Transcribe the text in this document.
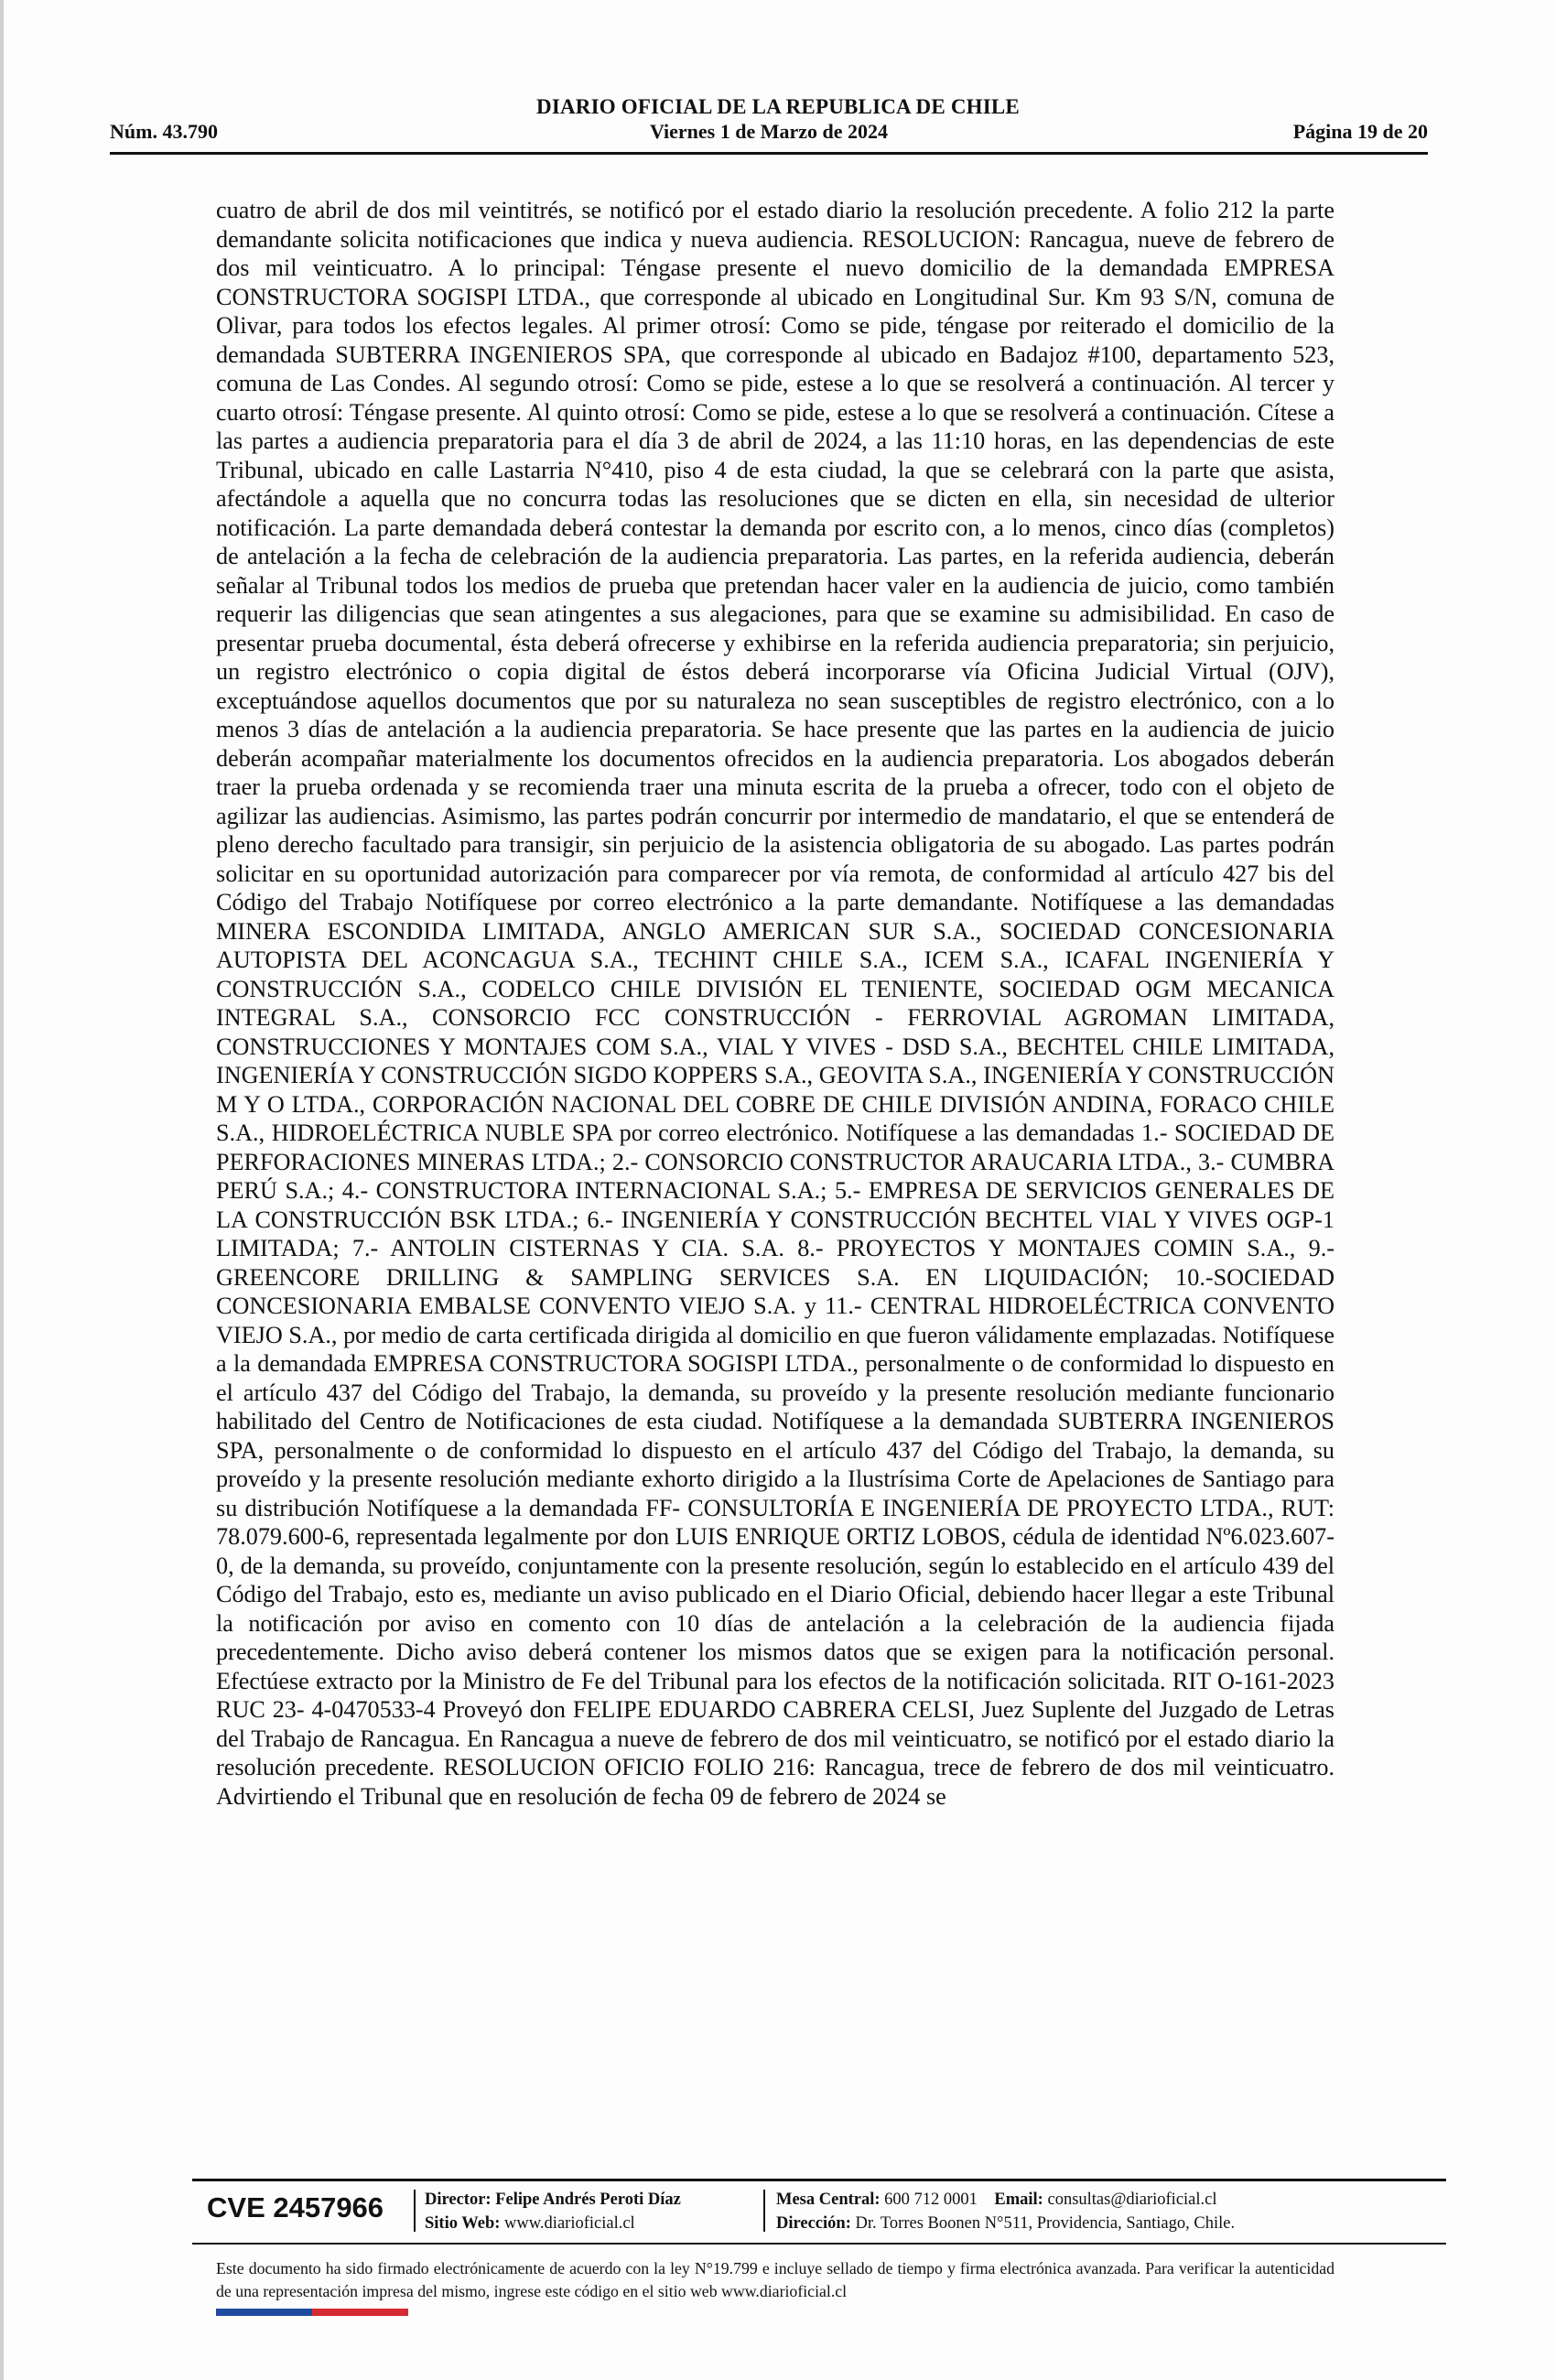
DIARIO OFICIAL DE LA REPUBLICA DE CHILE
Viernes 1 de Marzo de 2024
Núm. 43.790	Página 19 de 20

cuatro de abril de dos mil veintitrés, se notificó por el estado diario la resolución precedente. A folio 212 la parte demandante solicita notificaciones que indica y nueva audiencia. RESOLUCION: Rancagua, nueve de febrero de dos mil veinticuatro. A lo principal: Téngase presente el nuevo domicilio de la demandada EMPRESA CONSTRUCTORA SOGISPI LTDA., que corresponde al ubicado en Longitudinal Sur. Km 93 S/N, comuna de Olivar, para todos los efectos legales. Al primer otrosí: Como se pide, téngase por reiterado el domicilio de la demandada SUBTERRA INGENIEROS SPA, que corresponde al ubicado en Badajoz #100, departamento 523, comuna de Las Condes. Al segundo otrosí: Como se pide, estese a lo que se resolverá a continuación. Al tercer y cuarto otrosí: Téngase presente. Al quinto otrosí: Como se pide, estese a lo que se resolverá a continuación. Cítese a las partes a audiencia preparatoria para el día 3 de abril de 2024, a las 11:10 horas, en las dependencias de este Tribunal, ubicado en calle Lastarria N°410, piso 4 de esta ciudad, la que se celebrará con la parte que asista, afectándole a aquella que no concurra todas las resoluciones que se dicten en ella, sin necesidad de ulterior notificación. La parte demandada deberá contestar la demanda por escrito con, a lo menos, cinco días (completos) de antelación a la fecha de celebración de la audiencia preparatoria. Las partes, en la referida audiencia, deberán señalar al Tribunal todos los medios de prueba que pretendan hacer valer en la audiencia de juicio, como también requerir las diligencias que sean atingentes a sus alegaciones, para que se examine su admisibilidad. En caso de presentar prueba documental, ésta deberá ofrecerse y exhibirse en la referida audiencia preparatoria; sin perjuicio, un registro electrónico o copia digital de éstos deberá incorporarse vía Oficina Judicial Virtual (OJV), exceptuándose aquellos documentos que por su naturaleza no sean susceptibles de registro electrónico, con a lo menos 3 días de antelación a la audiencia preparatoria. Se hace presente que las partes en la audiencia de juicio deberán acompañar materialmente los documentos ofrecidos en la audiencia preparatoria. Los abogados deberán traer la prueba ordenada y se recomienda traer una minuta escrita de la prueba a ofrecer, todo con el objeto de agilizar las audiencias. Asimismo, las partes podrán concurrir por intermedio de mandatario, el que se entenderá de pleno derecho facultado para transigir, sin perjuicio de la asistencia obligatoria de su abogado. Las partes podrán solicitar en su oportunidad autorización para comparecer por vía remota, de conformidad al artículo 427 bis del Código del Trabajo Notifíquese por correo electrónico a la parte demandante. Notifíquese a las demandadas MINERA ESCONDIDA LIMITADA, ANGLO AMERICAN SUR S.A., SOCIEDAD CONCESIONARIA AUTOPISTA DEL ACONCAGUA S.A., TECHINT CHILE S.A., ICEM S.A., ICAFAL INGENIERÍA Y CONSTRUCCIÓN S.A., CODELCO CHILE DIVISIÓN EL TENIENTE, SOCIEDAD OGM MECANICA INTEGRAL S.A., CONSORCIO FCC CONSTRUCCIÓN - FERROVIAL AGROMAN LIMITADA, CONSTRUCCIONES Y MONTAJES COM S.A., VIAL Y VIVES - DSD S.A., BECHTEL CHILE LIMITADA, INGENIERÍA Y CONSTRUCCIÓN SIGDO KOPPERS S.A., GEOVITA S.A., INGENIERÍA Y CONSTRUCCIÓN M Y O LTDA., CORPORACIÓN NACIONAL DEL COBRE DE CHILE DIVISIÓN ANDINA, FORACO CHILE S.A., HIDROELÉCTRICA NUBLE SPA por correo electrónico. Notifíquese a las demandadas 1.- SOCIEDAD DE PERFORACIONES MINERAS LTDA.; 2.- CONSORCIO CONSTRUCTOR ARAUCARIA LTDA., 3.- CUMBRA PERÚ S.A.; 4.- CONSTRUCTORA INTERNACIONAL S.A.; 5.- EMPRESA DE SERVICIOS GENERALES DE LA CONSTRUCCIÓN BSK LTDA.; 6.- INGENIERÍA Y CONSTRUCCIÓN BECHTEL VIAL Y VIVES OGP-1 LIMITADA; 7.- ANTOLIN CISTERNAS Y CIA. S.A. 8.- PROYECTOS Y MONTAJES COMIN S.A., 9.- GREENCORE DRILLING & SAMPLING SERVICES S.A. EN LIQUIDACIÓN; 10.-SOCIEDAD CONCESIONARIA EMBALSE CONVENTO VIEJO S.A. y 11.- CENTRAL HIDROELÉCTRICA CONVENTO VIEJO S.A., por medio de carta certificada dirigida al domicilio en que fueron válidamente emplazadas. Notifíquese a la demandada EMPRESA CONSTRUCTORA SOGISPI LTDA., personalmente o de conformidad lo dispuesto en el artículo 437 del Código del Trabajo, la demanda, su proveído y la presente resolución mediante funcionario habilitado del Centro de Notificaciones de esta ciudad. Notifíquese a la demandada SUBTERRA INGENIEROS SPA, personalmente o de conformidad lo dispuesto en el artículo 437 del Código del Trabajo, la demanda, su proveído y la presente resolución mediante exhorto dirigido a la Ilustrísima Corte de Apelaciones de Santiago para su distribución Notifíquese a la demandada FF- CONSULTORÍA E INGENIERÍA DE PROYECTO LTDA., RUT: 78.079.600-6, representada legalmente por don LUIS ENRIQUE ORTIZ LOBOS, cédula de identidad Nº6.023.607-0, de la demanda, su proveído, conjuntamente con la presente resolución, según lo establecido en el artículo 439 del Código del Trabajo, esto es, mediante un aviso publicado en el Diario Oficial, debiendo hacer llegar a este Tribunal la notificación por aviso en comento con 10 días de antelación a la celebración de la audiencia fijada precedentemente. Dicho aviso deberá contener los mismos datos que se exigen para la notificación personal. Efectúese extracto por la Ministro de Fe del Tribunal para los efectos de la notificación solicitada. RIT O-161-2023 RUC 23- 4-0470533-4 Proveyó don FELIPE EDUARDO CABRERA CELSI, Juez Suplente del Juzgado de Letras del Trabajo de Rancagua. En Rancagua a nueve de febrero de dos mil veinticuatro, se notificó por el estado diario la resolución precedente. RESOLUCION OFICIO FOLIO 216: Rancagua, trece de febrero de dos mil veinticuatro. Advirtiendo el Tribunal que en resolución de fecha 09 de febrero de 2024 se

CVE 2457966	Director: Felipe Andrés Peroti Díaz
Sitio Web: www.diarioficial.cl
Mesa Central: 600 712 0001 Email: consultas@diarioficial.cl
Dirección: Dr. Torres Boonen N°511, Providencia, Santiago, Chile.
Este documento ha sido firmado electrónicamente de acuerdo con la ley N°19.799 e incluye sellado de tiempo y firma electrónica avanzada. Para verificar la autenticidad de una representación impresa del mismo, ingrese este código en el sitio web www.diarioficial.cl
